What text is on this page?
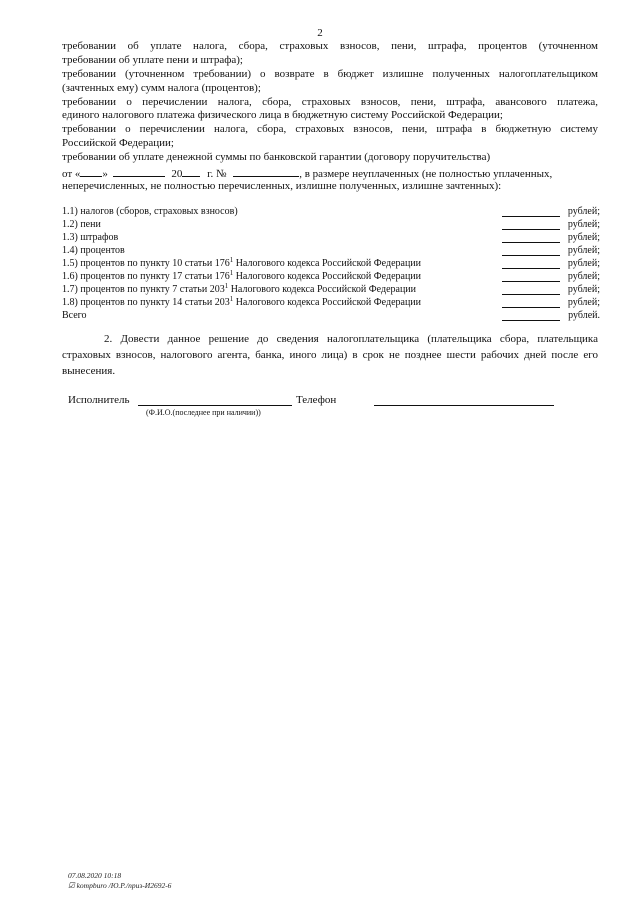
2
требовании об уплате налога, сбора, страховых взносов, пени, штрафа, процентов (уточненном
требовании об уплате пени и штрафа);
требовании (уточненном требовании) о возврате в бюджет излишне полученных налогоплательщиком
(зачтенных ему) сумм налога (процентов);
требовании о перечислении налога, сбора, страховых взносов, пени, штрафа, авансового платежа,
единого налогового платежа физического лица в бюджетную систему Российской Федерации;
требовании о перечислении налога, сбора, страховых взносов, пени, штрафа в бюджетную систему
Российской Федерации;
требовании об уплате денежной суммы по банковской гарантии (договору поручительства)
от « »	20 г. №	, в размере неуплаченных (не полностью уплаченных,
неперечисленных, не полностью перечисленных, излишне полученных, излишне зачтенных):
1.1) налогов (сборов, страховых взносов)	рублей;
1.2) пени	рублей;
1.3) штрафов	рублей;
1.4) процентов	рублей;
1.5) процентов по пункту 10 статьи $176^1$ Налогового кодекса Российской Федерации	рублей;
1.6) процентов по пункту 17 статьи $176^1$ Налогового кодекса Российской Федерации	рублей;
1.7) процентов по пункту 7 статьи $203^1$ Налогового кодекса Российской Федерации	рублей;
1.8) процентов по пункту 14 статьи $203^1$ Налогового кодекса Российской Федерации	рублей;
Всего	рублей.
2. Довести данное решение до сведения налогоплательщика (плательщика сбора, плательщика страховых взносов, налогового агента, банка, иного лица) в срок не позднее шести рабочих дней после его вынесения.
Исполнитель	Телефон
(Ф.И.О.(последнее при наличии))
07.08.2020 10:18
☑ kompburo /Ю.Р./приз-И2692-6
